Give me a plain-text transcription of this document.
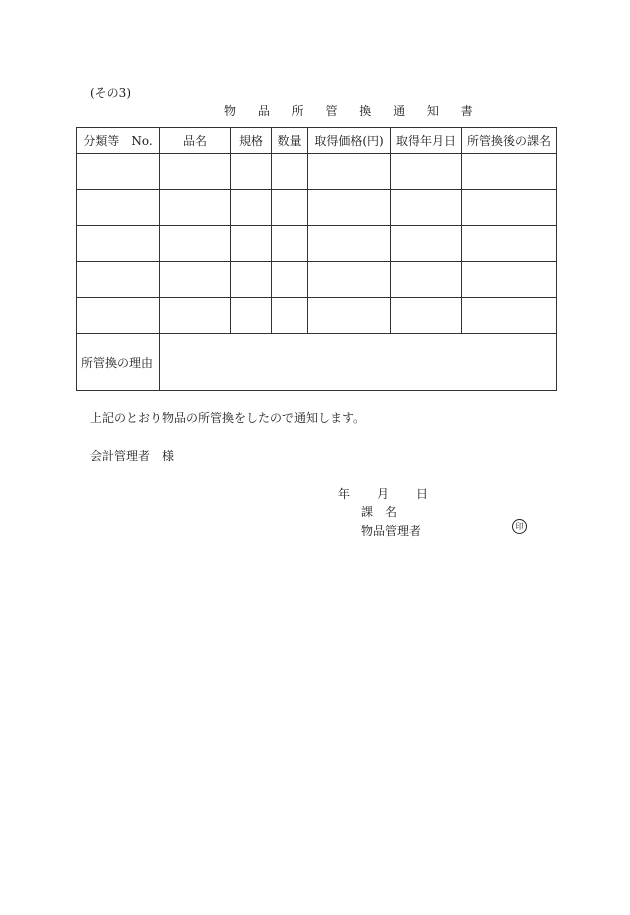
(その3)
物 品 所 管 換 通 知 書
分類等　No.	品名	規格	数量	取得価格(円)	取得年月日	所管換後の課名

所管換の理由						
上記のとおり物品の所管換をしたので通知します。
会計管理者　様
年 月 日
課　名
物品管理者	印
